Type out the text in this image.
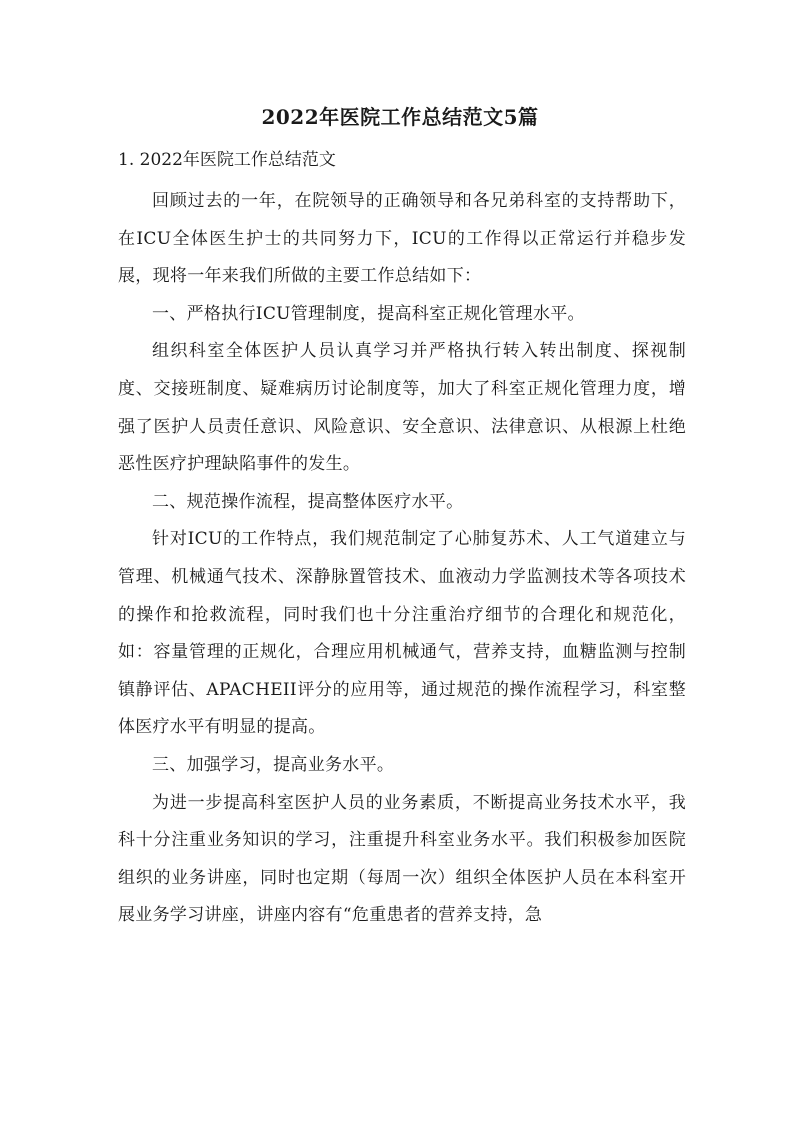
2022年医院工作总结范文5篇
1. 2022年医院工作总结范文

回顾过去的一年，在院领导的正确领导和各兄弟科室的支持帮助下，在ICU全体医生护士的共同努力下，ICU的工作得以正常运行并稳步发展，现将一年来我们所做的主要工作总结如下：

一、严格执行ICU管理制度，提高科室正规化管理水平。

组织科室全体医护人员认真学习并严格执行转入转出制度、探视制度、交接班制度、疑难病历讨论制度等，加大了科室正规化管理力度，增强了医护人员责任意识、风险意识、安全意识、法律意识、从根源上杜绝恶性医疗护理缺陷事件的发生。

二、规范操作流程，提高整体医疗水平。

针对ICU的工作特点，我们规范制定了心肺复苏术、人工气道建立与管理、机械通气技术、深静脉置管技术、血液动力学监测技术等各项技术的操作和抢救流程，同时我们也十分注重治疗细节的合理化和规范化，如：容量管理的正规化，合理应用机械通气，营养支持，血糖监测与控制镇静评估、APACHEII评分的应用等，通过规范的操作流程学习，科室整体医疗水平有明显的提高。

三、加强学习，提高业务水平。

为进一步提高科室医护人员的业务素质，不断提高业务技术水平，我科十分注重业务知识的学习，注重提升科室业务水平。我们积极参加医院组织的业务讲座，同时也定期（每周一次）组织全体医护人员在本科室开展业务学习讲座，讲座内容有“危重患者的营养支持，急
